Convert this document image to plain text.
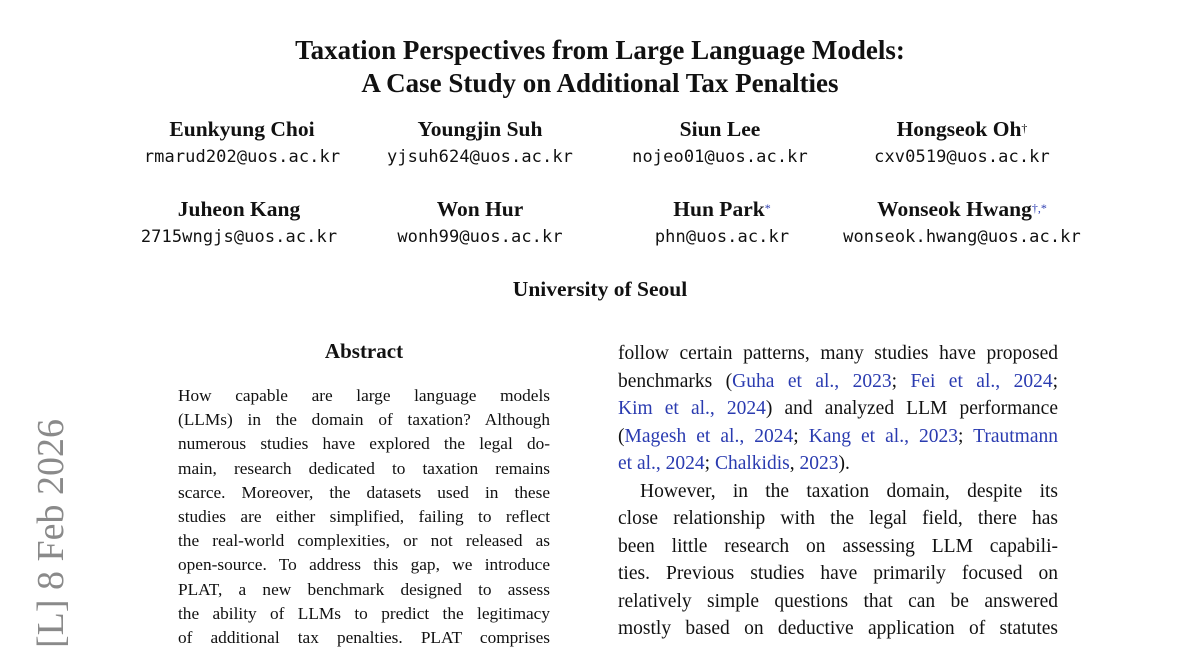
Taxation Perspectives from Large Language Models:
A Case Study on Additional Tax Penalties
Eunkyung Choi
rmarud202@uos.ac.kr
Youngjin Suh
yjsuh624@uos.ac.kr
Siun Lee
nojeo01@uos.ac.kr
Hongseok Oh†
cxv0519@uos.ac.kr
Juheon Kang
2715wngjs@uos.ac.kr
Won Hur
wonh99@uos.ac.kr
Hun Park*
phn@uos.ac.kr
Wonseok Hwang†,*
wonseok.hwang@uos.ac.kr
University of Seoul
Abstract
How capable are large language models
(LLMs) in the domain of taxation? Although
numerous studies have explored the legal do-
main, research dedicated to taxation remains
scarce. Moreover, the datasets used in these
studies are either simplified, failing to reflect
the real-world complexities, or not released as
open-source. To address this gap, we introduce
PLAT, a new benchmark designed to assess
the ability of LLMs to predict the legitimacy
of additional tax penalties. PLAT comprises
follow certain patterns, many studies have proposed
benchmarks (Guha et al., 2023; Fei et al., 2024;
Kim et al., 2024) and analyzed LLM performance
(Magesh et al., 2024; Kang et al., 2023; Trautmann
et al., 2024; Chalkidis, 2023).
However, in the taxation domain, despite its
close relationship with the legal field, there has
been little research on assessing LLM capabili-
ties. Previous studies have primarily focused on
relatively simple questions that can be answered
mostly based on deductive application of statutes
[L] 8 Feb 2026
